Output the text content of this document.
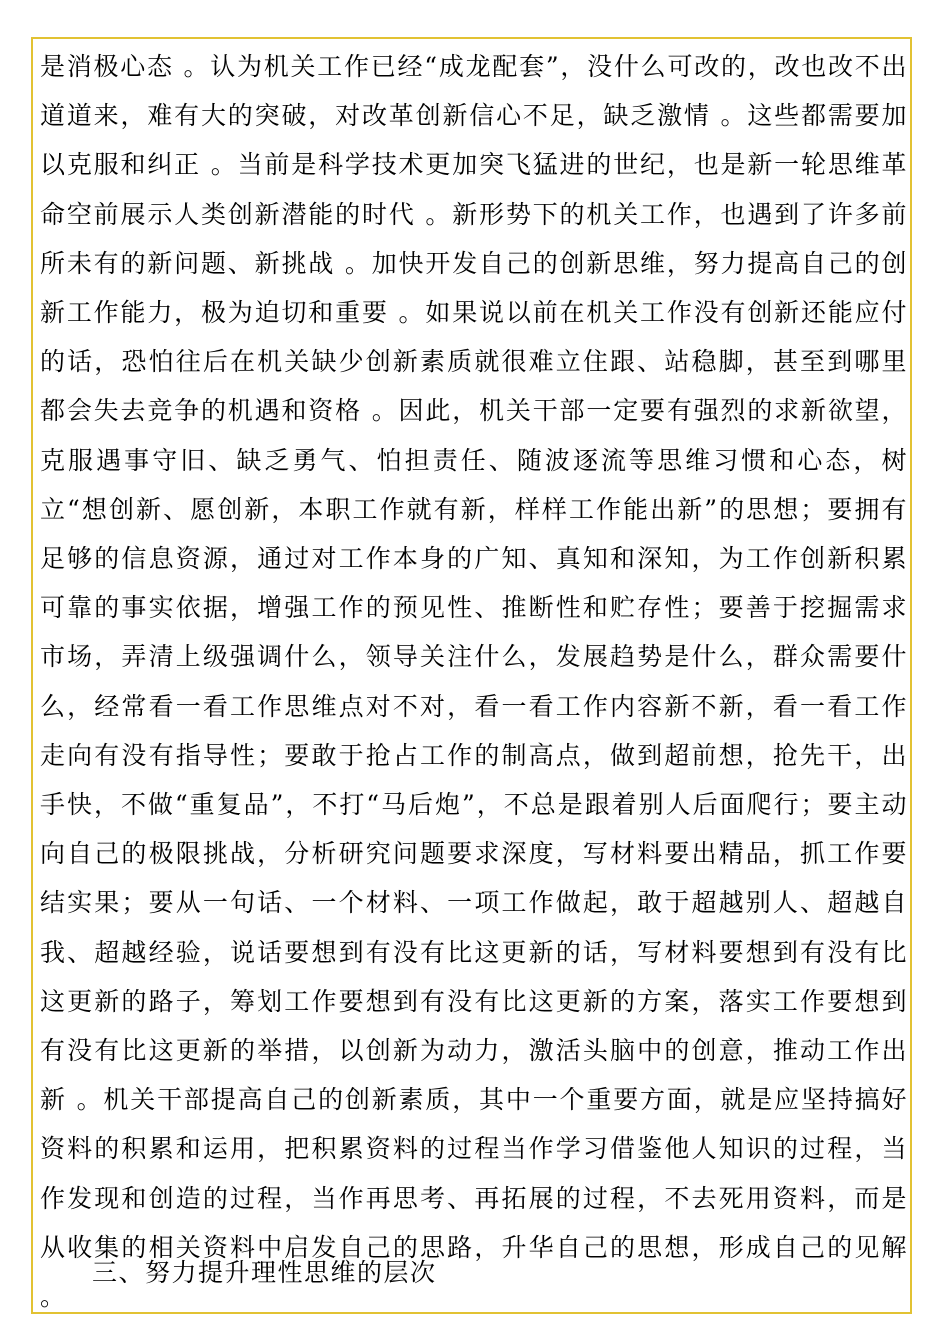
是消极心态 。认为机关工作已经“成龙配套”，没什么可改的，改也改不出道道来，难有大的突破，对改革创新信心不足，缺乏激情 。这些都需要加以克服和纠正 。当前是科学技术更加突飞猛进的世纪，也是新一轮思维革命空前展示人类创新潜能的时代 。新形势下的机关工作，也遇到了许多前所未有的新问题、新挑战 。加快开发自己的创新思维，努力提高自己的创新工作能力，极为迫切和重要 。如果说以前在机关工作没有创新还能应付的话，恐怕往后在机关缺少创新素质就很难立住跟、站稳脚，甚至到哪里都会失去竞争的机遇和资格 。因此，机关干部一定要有强烈的求新欲望，克服遇事守旧、缺乏勇气、怕担责任、随波逐流等思维习惯和心态，树立“想创新、愿创新，本职工作就有新，样样工作能出新”的思想；要拥有足够的信息资源，通过对工作本身的广知、真知和深知，为工作创新积累可靠的事实依据，增强工作的预见性、推断性和贮存性；要善于挖掘需求市场，弄清上级强调什么，领导关注什么，发展趋势是什么，群众需要什么，经常看一看工作思维点对不对，看一看工作内容新不新，看一看工作走向有没有指导性；要敢于抢占工作的制高点，做到超前想，抢先干，出手快，不做“重复品”，不打“马后炮”，不总是跟着别人后面爬行；要主动向自己的极限挑战，分析研究问题要求深度，写材料要出精品，抓工作要结实果；要从一句话、一个材料、一项工作做起，敢于超越别人、超越自我、超越经验，说话要想到有没有比这更新的话，写材料要想到有没有比这更新的路子，筹划工作要想到有没有比这更新的方案，落实工作要想到有没有比这更新的举措，以创新为动力，激活头脑中的创意，推动工作出新 。机关干部提高自己的创新素质，其中一个重要方面，就是应坚持搞好资料的积累和运用，把积累资料的过程当作学习借鉴他人知识的过程，当作发现和创造的过程，当作再思考、再拓展的过程，不去死用资料，而是从收集的相关资料中启发自己的思路，升华自己的思想，形成自己的见解 。

三、努力提升理性思维的层次
